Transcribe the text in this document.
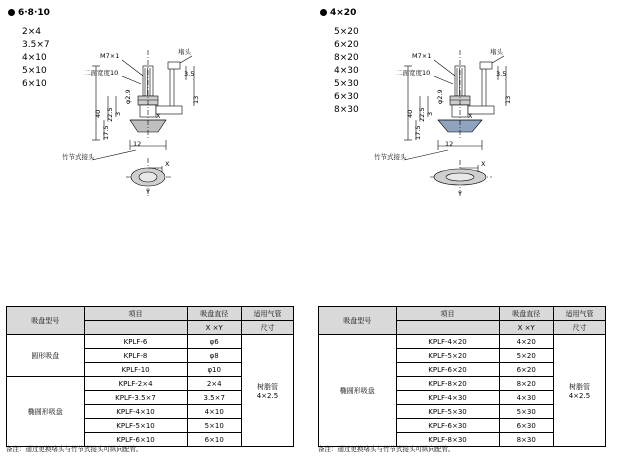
6·8·10
2×4
3.5×7
4×10
5×10
6×10
M7×1	堵头
二面宽度10	3.5
φ2.9	13
40 22.5 3
17.5
X
12
竹节式接头
X
Y
吸盘型号	项目	吸盘直径	适用气管
		X ×Y	尺寸
圆形吸盘	KPLF-6	φ6	树脂管
4×2.5

	KPLF-8	φ8	
	KPLF-10	φ10	
椭圆形吸盘	KPLF-2×4	2×4	
	KPLF-3.5×7	3.5×7	
	KPLF-4×10	4×10	
	KPLF-5×10	5×10	
	KPLF-6×10	6×10	
备注：通过更换堵头与竹节式接头可纵向配管。
4×20
5×20
6×20
8×20
4×30
5×30
6×30
8×30
M7×1	堵头
二面宽度10	3.5
φ2.9	13
40 22.5 3
17.5
X
12
竹节式接头
X
Y
吸盘型号	项目	吸盘直径	适用气管
		X ×Y	尺寸
椭圆形吸盘	KPLF-4×20	4×20	树脂管
4×2.5

	KPLF-5×20	5×20	
	KPLF-6×20	6×20	
	KPLF-8×20	8×20	
	KPLF-4×30	4×30	
	KPLF-5×30	5×30	
	KPLF-6×30	6×30	
	KPLF-8×30	8×30	
备注：通过更换堵头与竹节式接头可纵向配管。
